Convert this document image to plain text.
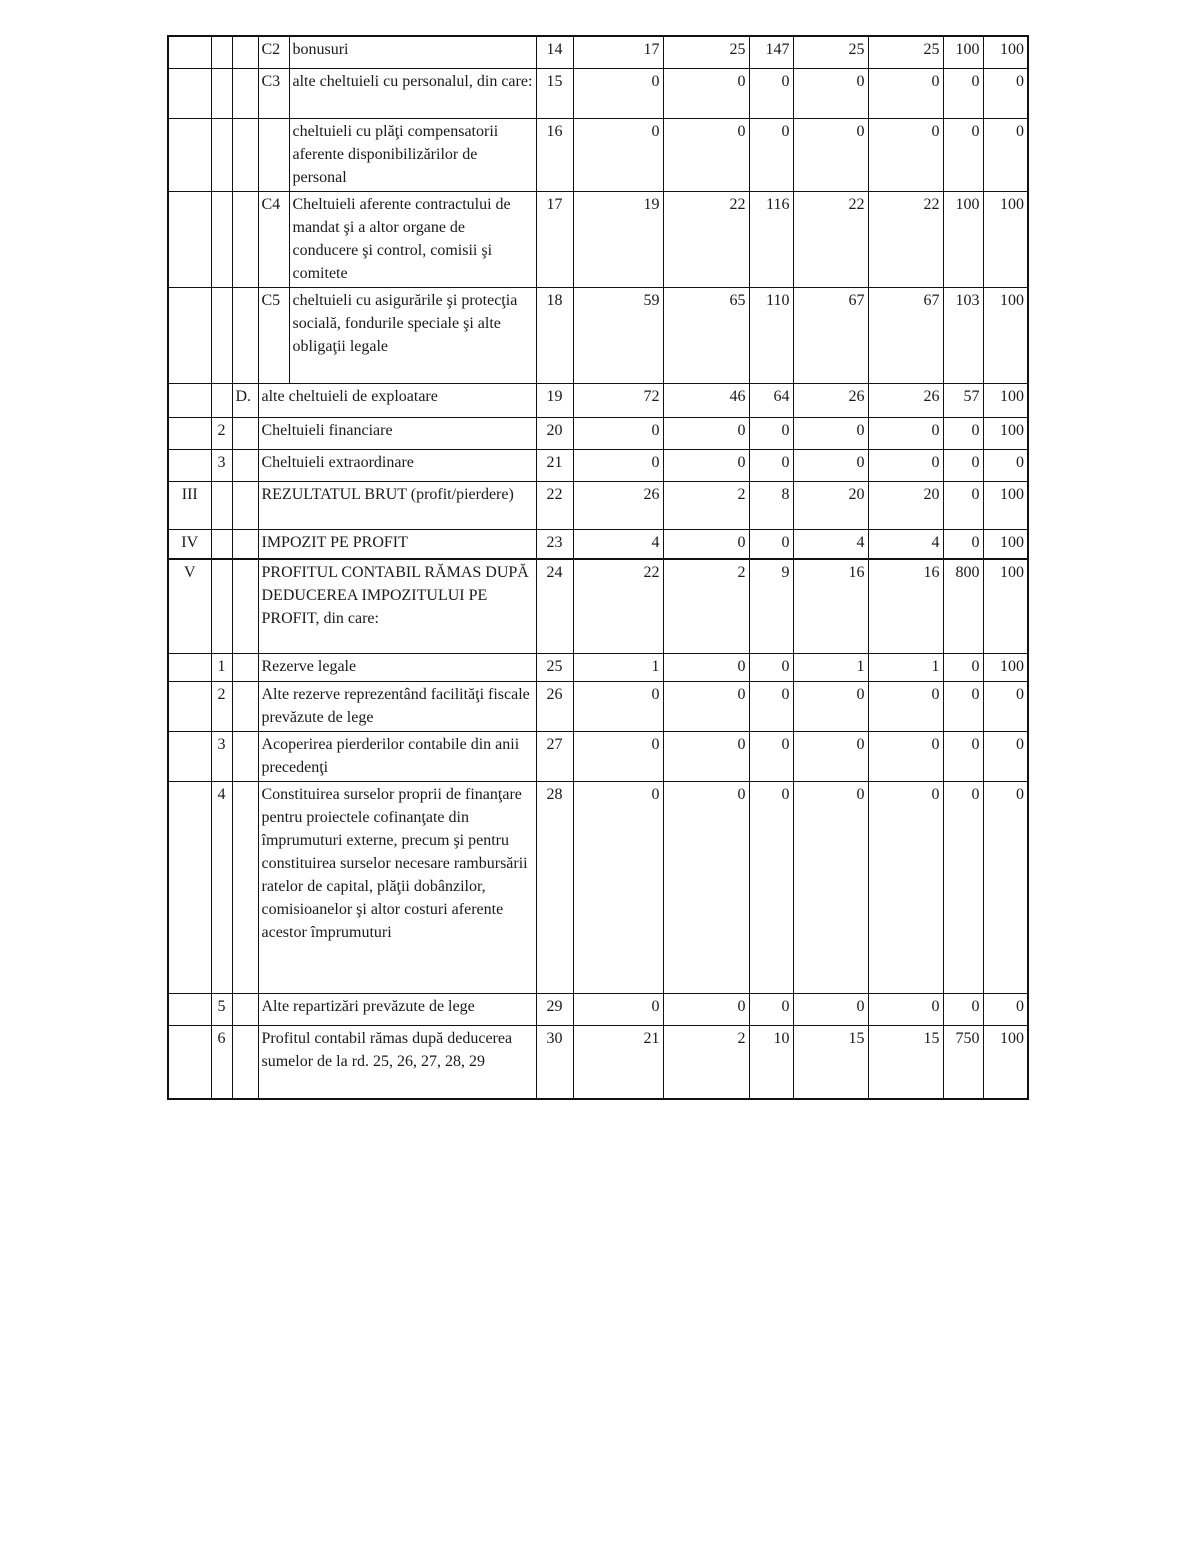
			C2	bonusuri	14	17	25	147	25	25	100	100
			C3	alte cheltuieli cu personalul, din care:	15	0	0	0	0	0	0	0
				cheltuieli cu plăţi compensatorii aferente disponibilizărilor de personal	16	0	0	0	0	0	0	0
			C4	Cheltuieli aferente contractului de mandat şi a altor organe de conducere şi control, comisii şi comitete	17	19	22	116	22	22	100	100
			C5	cheltuieli cu asigurările şi protecţia socială, fondurile speciale şi alte obligaţii legale	18	59	65	110	67	67	103	100
		D.	alte cheltuieli de exploatare		19	72	46	64	26	26	57	100
	2		Cheltuieli financiare		20	0	0	0	0	0	0	100
	3		Cheltuieli extraordinare		21	0	0	0	0	0	0	0
III			REZULTATUL BRUT (profit/pierdere)		22	26	2	8	20	20	0	100
IV			IMPOZIT PE PROFIT		23	4	0	0	4	4	0	100
V			PROFITUL CONTABIL RĂMAS DUPĂ DEDUCEREA IMPOZITULUI PE PROFIT, din care:		24	22	2	9	16	16	800	100
	1		Rezerve legale		25	1	0	0	1	1	0	100
	2		Alte rezerve reprezentând facilităţi fiscale prevăzute de lege		26	0	0	0	0	0	0	0
	3		Acoperirea pierderilor contabile din anii precedenţi		27	0	0	0	0	0	0	0
	4		Constituirea surselor proprii de finanţare pentru proiectele cofinanţate din împrumuturi externe, precum şi pentru constituirea surselor necesare rambursării ratelor de capital, plăţii dobânzilor, comisioanelor şi altor costuri aferente acestor împrumuturi		28	0	0	0	0	0	0	0
	5		Alte repartizări prevăzute de lege		29	0	0	0	0	0	0	0
	6		Profitul contabil rămas după deducerea sumelor de la rd. 25, 26, 27, 28, 29		30	21	2	10	15	15	750	100
